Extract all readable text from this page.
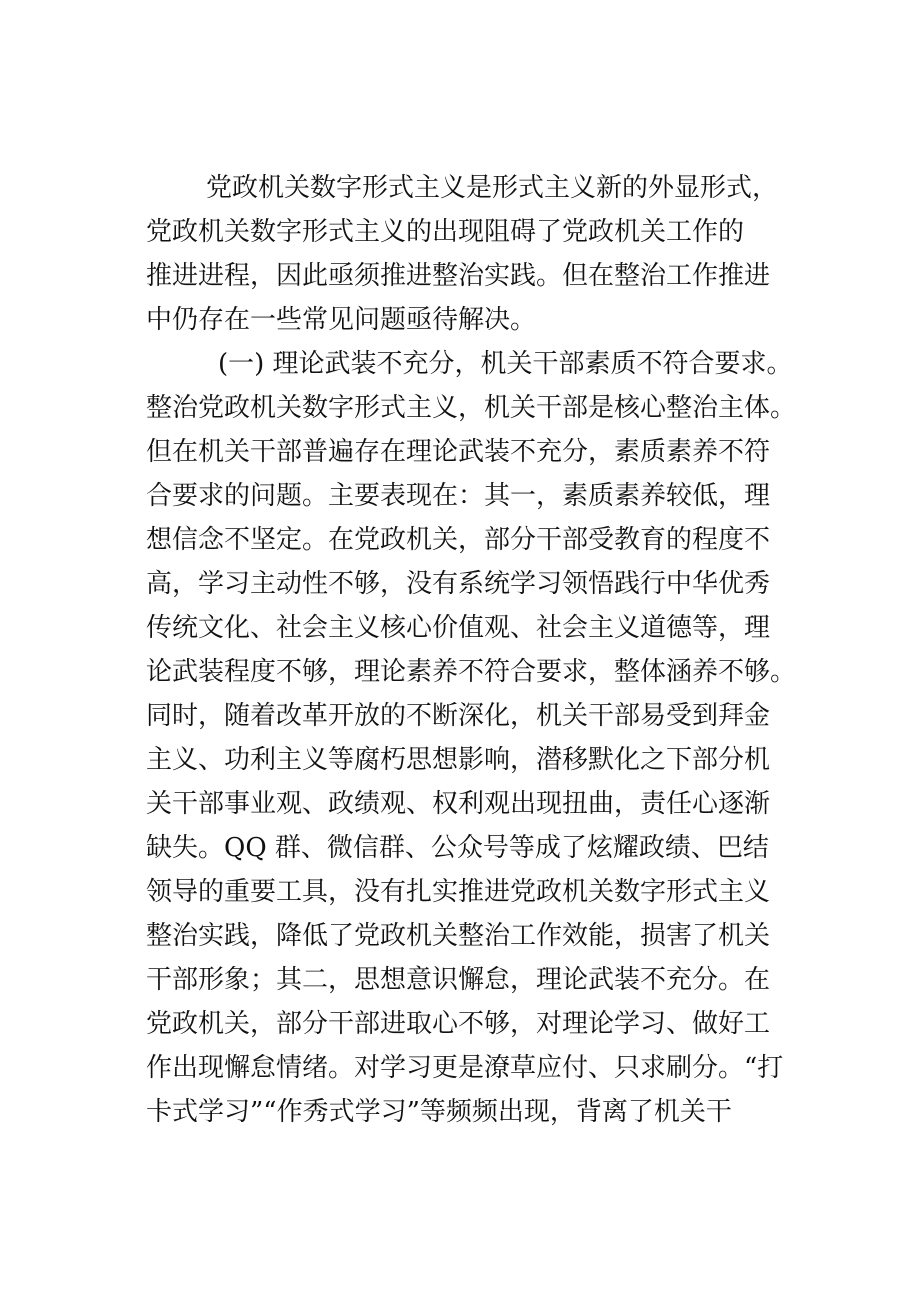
党政机关数字形式主义是形式主义新的外显形式，
党政机关数字形式主义的出现阻碍了党政机关工作的
推进进程，因此亟须推进整治实践。但在整治工作推进
中仍存在一些常见问题亟待解决。
(一) 理论武装不充分，机关干部素质不符合要求。
整治党政机关数字形式主义，机关干部是核心整治主体。
但在机关干部普遍存在理论武装不充分，素质素养不符
合要求的问题。主要表现在：其一，素质素养较低，理
想信念不坚定。在党政机关，部分干部受教育的程度不
高，学习主动性不够，没有系统学习领悟践行中华优秀
传统文化、社会主义核心价值观、社会主义道德等，理
论武装程度不够，理论素养不符合要求，整体涵养不够。
同时，随着改革开放的不断深化，机关干部易受到拜金
主义、功利主义等腐朽思想影响，潜移默化之下部分机
关干部事业观、政绩观、权利观出现扭曲，责任心逐渐
缺失。QQ 群、微信群、公众号等成了炫耀政绩、巴结
领导的重要工具，没有扎实推进党政机关数字形式主义
整治实践，降低了党政机关整治工作效能，损害了机关
干部形象；其二，思想意识懈怠，理论武装不充分。在
党政机关，部分干部进取心不够，对理论学习、做好工
作出现懈怠情绪。对学习更是潦草应付、只求刷分。“打
卡式学习”“作秀式学习”等频频出现，背离了机关干
